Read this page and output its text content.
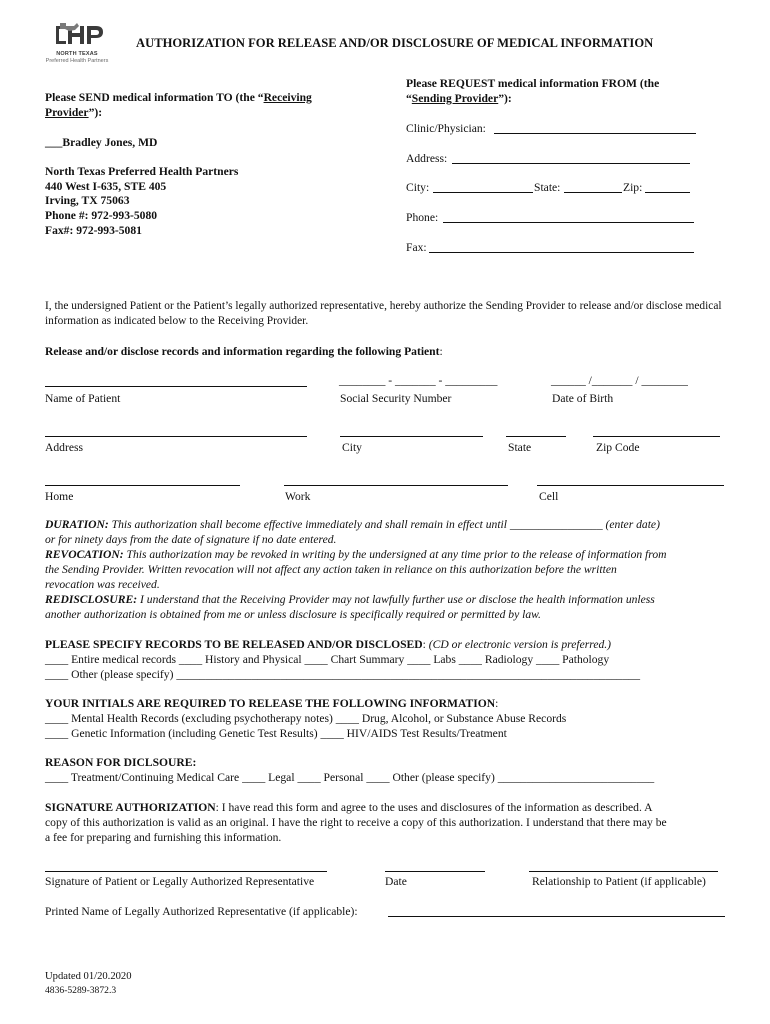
NORTH TEXAS
Preferred Health Partners
AUTHORIZATION FOR RELEASE AND/OR DISCLOSURE OF MEDICAL INFORMATION
Please SEND medical information TO (the “Receiving
Provider”):
___Bradley Jones, MD
North Texas Preferred Health Partners
440 West I-635, STE 405
Irving, TX 75063
Phone #: 972-993-5080
Fax#: 972-993-5081
Please REQUEST medical information FROM (the
“Sending Provider”):
Clinic/Physician:
Address:
City:	State:	Zip:
Phone:
Fax:
I, the undersigned Patient or the Patient’s legally authorized representative, hereby authorize the Sending Provider to release and/or disclose medical information as indicated below to the Receiving Provider.
Release and/or disclose records and information regarding the following Patient:
________ - _______ - _________	______ /_______ / ________
Name of Patient	Social Security Number	Date of Birth
Address	City	State	Zip Code
Home	Work	Cell
DURATION: This authorization shall become effective immediately and shall remain in effect until ________________ (enter date)
or for ninety days from the date of signature if no date entered.
REVOCATION: This authorization may be revoked in writing by the undersigned at any time prior to the release of information from
the Sending Provider. Written revocation will not affect any action taken in reliance on this authorization before the written
revocation was received.
REDISCLOSURE: I understand that the Receiving Provider may not lawfully further use or disclose the health information unless
another authorization is obtained from me or unless disclosure is specifically required or permitted by law.
PLEASE SPECIFY RECORDS TO BE RELEASED AND/OR DISCLOSED: (CD or electronic version is preferred.)
____ Entire medical records ____ History and Physical ____ Chart Summary ____ Labs ____ Radiology ____ Pathology
____ Other (please specify) ________________________________________________________________________________
YOUR INITIALS ARE REQUIRED TO RELEASE THE FOLLOWING INFORMATION:
____ Mental Health Records (excluding psychotherapy notes) ____ Drug, Alcohol, or Substance Abuse Records
____ Genetic Information (including Genetic Test Results) ____ HIV/AIDS Test Results/Treatment
REASON FOR DICLSOURE:
____ Treatment/Continuing Medical Care ____ Legal ____ Personal ____ Other (please specify) ___________________________
SIGNATURE AUTHORIZATION: I have read this form and agree to the uses and disclosures of the information as described. A
copy of this authorization is valid as an original. I have the right to receive a copy of this authorization. I understand that there may be
a fee for preparing and furnishing this information.
Signature of Patient or Legally Authorized Representative	Date	Relationship to Patient (if applicable)
Printed Name of Legally Authorized Representative (if applicable):
Updated 01/20.2020
4836-5289-3872.3
